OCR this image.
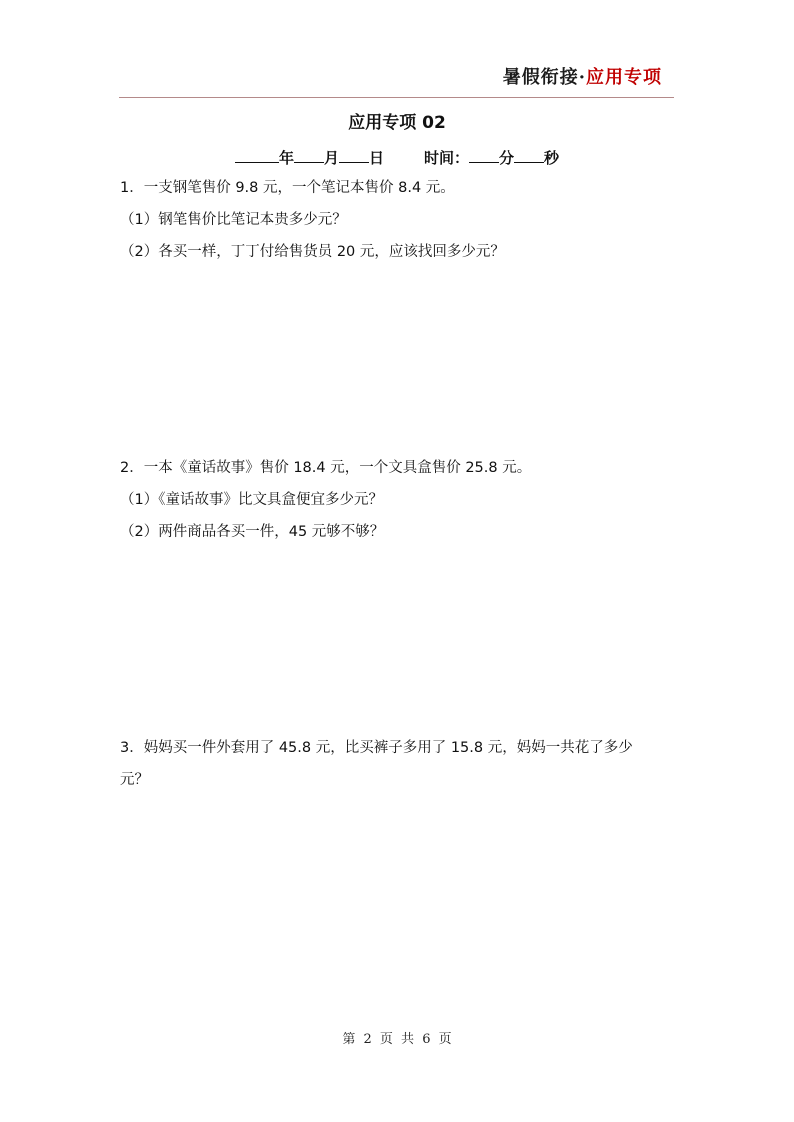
暑假衔接·应用专项
应用专项 02
年 月 日	时间： 分 秒
1．一支钢笔售价 9.8 元，一个笔记本售价 8.4 元。
（1）钢笔售价比笔记本贵多少元？
（2）各买一样，丁丁付给售货员 20 元，应该找回多少元？
2．一本《童话故事》售价 18.4 元，一个文具盒售价 25.8 元。
（1）《童话故事》比文具盒便宜多少元？
（2）两件商品各买一件，45 元够不够？
3．妈妈买一件外套用了 45.8 元，比买裤子多用了 15.8 元，妈妈一共花了多少
元？
第 2 页 共 6 页
